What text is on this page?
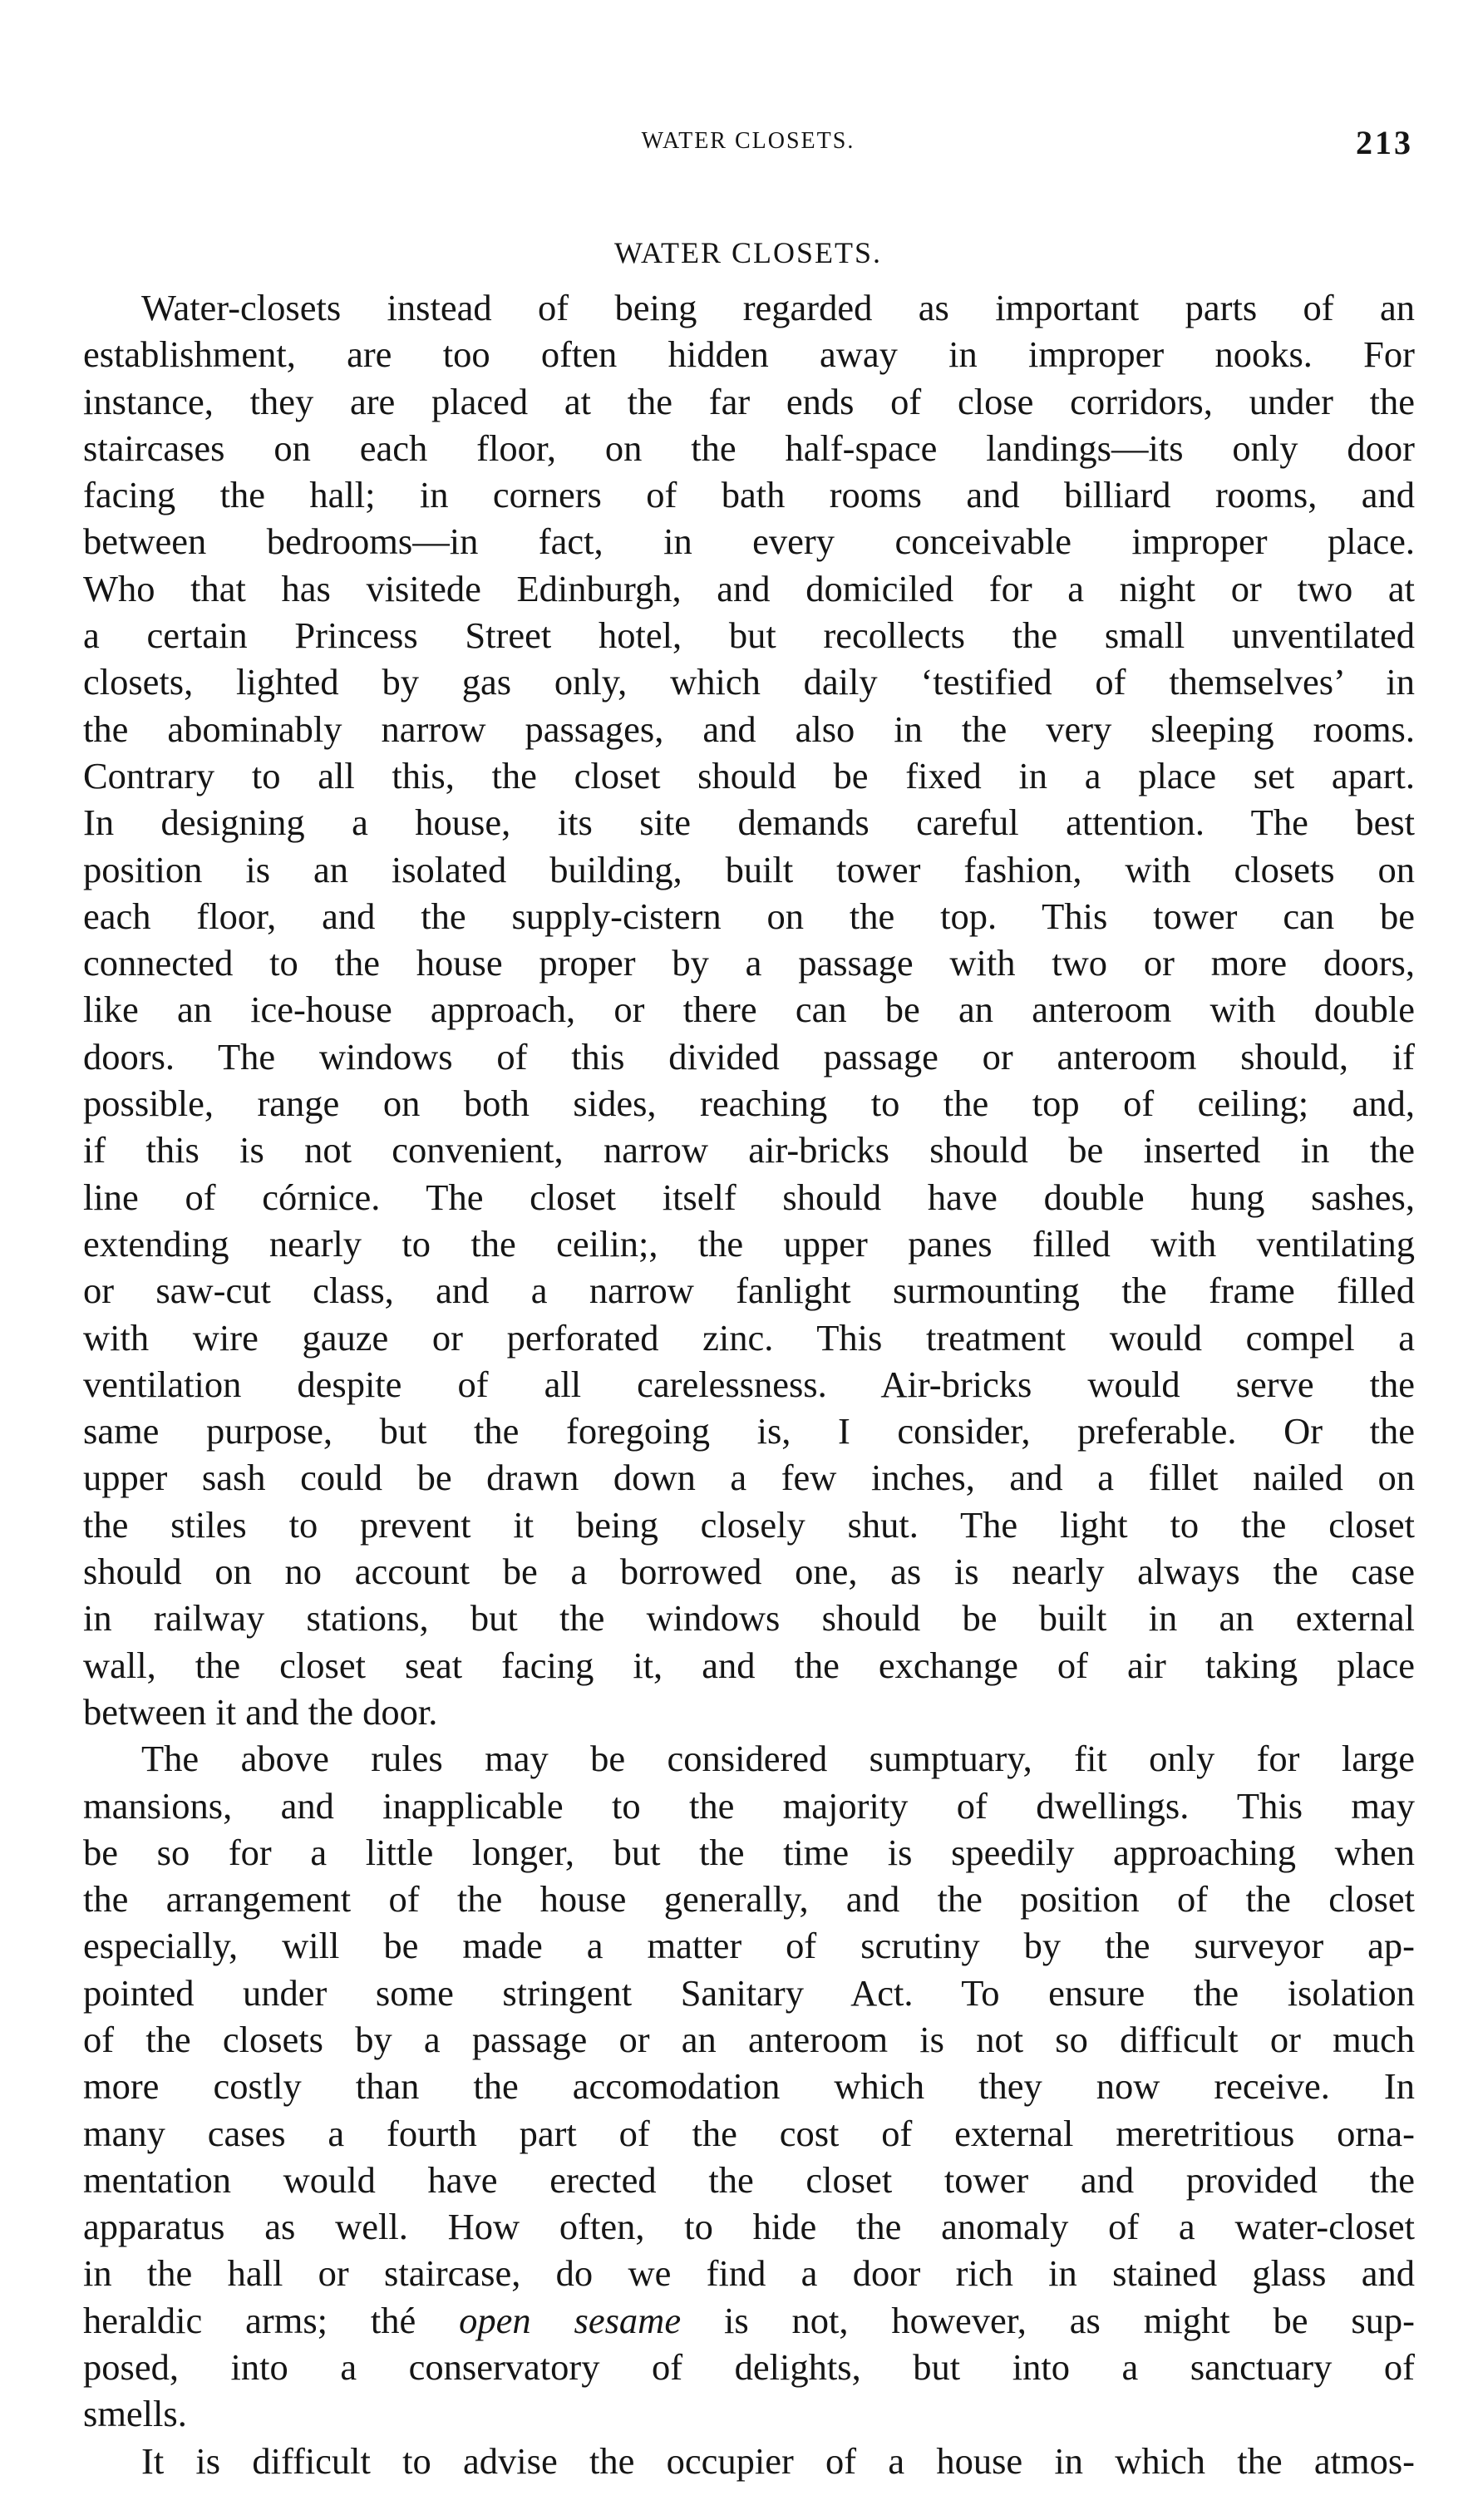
WATER CLOSETS.	213
WATER CLOSETS.
Water-closets instead of being regarded as important parts of an
establishment, are too often hidden away in improper nooks. For
instance, they are placed at the far ends of close corridors, under the
staircases on each floor, on the half-space landings—its only door
facing the hall; in corners of bath rooms and billiard rooms, and
between bedrooms—in fact, in every conceivable improper place.
Who that has visitede Edinburgh, and domiciled for a night or two at
a certain Princess Street hotel, but recollects the small unventilated
closets, lighted by gas only, which daily ‘testified of themselves’ in
the abominably narrow passages, and also in the very sleeping rooms.
Contrary to all this, the closet should be fixed in a place set apart.
In designing a house, its site demands careful attention. The best
position is an isolated building, built tower fashion, with closets on
each floor, and the supply-cistern on the top. This tower can be
connected to the house proper by a passage with two or more doors,
like an ice-house approach, or there can be an anteroom with double
doors. The windows of this divided passage or anteroom should, if
possible, range on both sides, reaching to the top of ceiling; and,
if this is not convenient, narrow air-bricks should be inserted in the
line of córnice. The closet itself should have double hung sashes,
extending nearly to the ceilin;, the upper panes filled with ventilating
or saw-cut class, and a narrow fanlight surmounting the frame filled
with wire gauze or perforated zinc. This treatment would compel a
ventilation despite of all carelessness. Air-bricks would serve the
same purpose, but the foregoing is, I consider, preferable. Or the
upper sash could be drawn down a few inches, and a fillet nailed on
the stiles to prevent it being closely shut. The light to the closet
should on no account be a borrowed one, as is nearly always the case
in railway stations, but the windows should be built in an external
wall, the closet seat facing it, and the exchange of air taking place
between it and the door.
The above rules may be considered sumptuary, fit only for large
mansions, and inapplicable to the majority of dwellings. This may
be so for a little longer, but the time is speedily approaching when
the arrangement of the house generally, and the position of the closet
especially, will be made a matter of scrutiny by the surveyor ap-
pointed under some stringent Sanitary Act. To ensure the isolation
of the closets by a passage or an anteroom is not so difficult or much
more costly than the accomodation which they now receive. In
many cases a fourth part of the cost of external meretritious orna-
mentation would have erected the closet tower and provided the
apparatus as well. How often, to hide the anomaly of a water-closet
in the hall or staircase, do we find a door rich in stained glass and
heraldic arms; thé open sesame is not, however, as might be sup-
posed, into a conservatory of delights, but into a sanctuary of
smells.
It is difficult to advise the occupier of a house in which the atmos-
